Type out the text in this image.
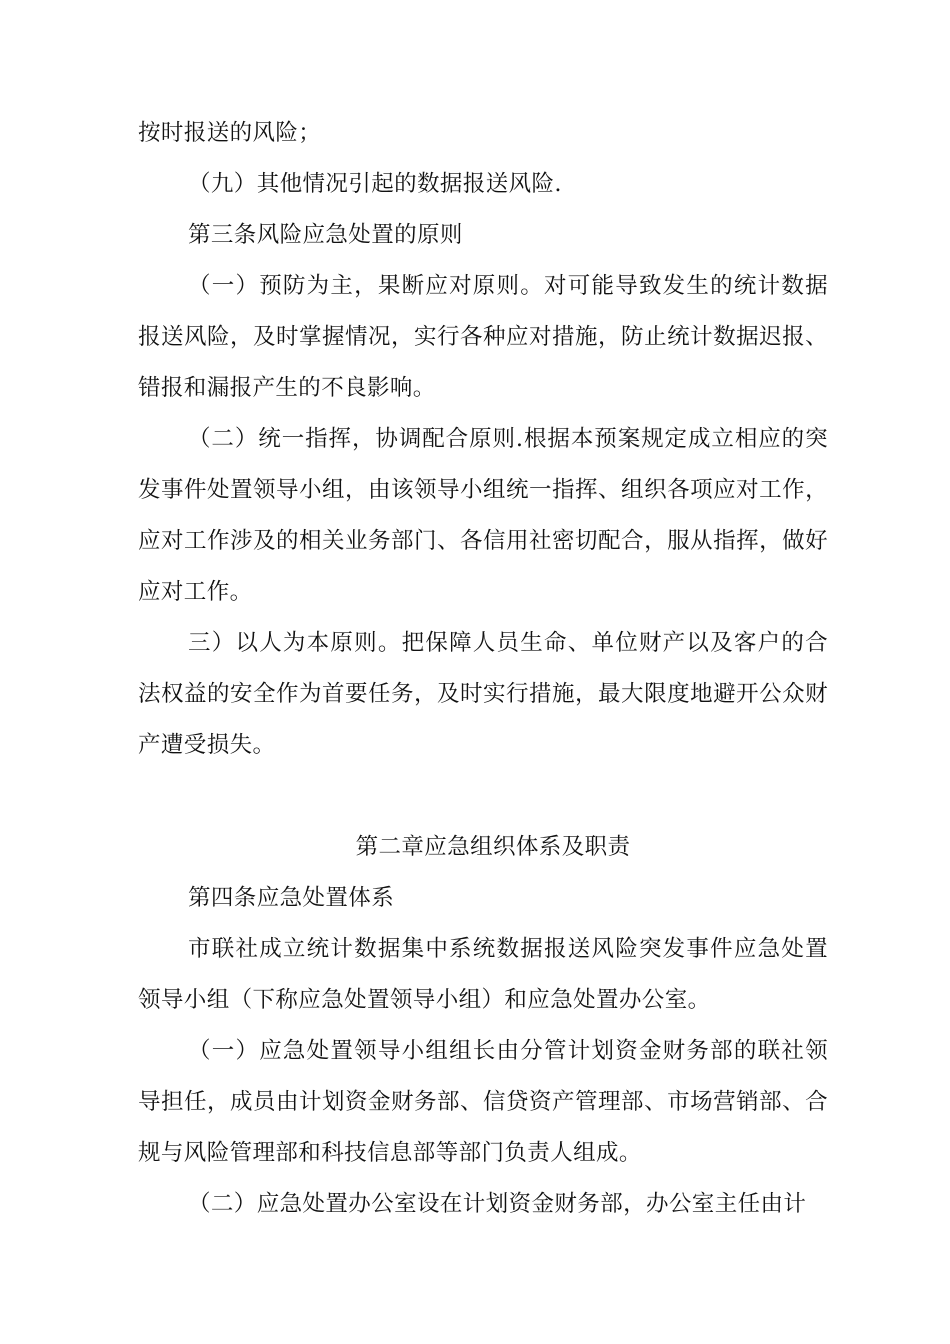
按时报送的风险；

（九）其他情况引起的数据报送风险.

第三条风险应急处置的原则

（一）预防为主，果断应对原则。对可能导致发生的统计数据报送风险，及时掌握情况，实行各种应对措施，防止统计数据迟报、错报和漏报产生的不良影响。

（二）统一指挥，协调配合原则.根据本预案规定成立相应的突发事件处置领导小组，由该领导小组统一指挥、组织各项应对工作，应对工作涉及的相关业务部门、各信用社密切配合，服从指挥，做好应对工作。

三）以人为本原则。把保障人员生命、单位财产以及客户的合法权益的安全作为首要任务，及时实行措施，最大限度地避开公众财产遭受损失。

第二章应急组织体系及职责

第四条应急处置体系

市联社成立统计数据集中系统数据报送风险突发事件应急处置领导小组（下称应急处置领导小组）和应急处置办公室。

（一）应急处置领导小组组长由分管计划资金财务部的联社领导担任，成员由计划资金财务部、信贷资产管理部、市场营销部、合规与风险管理部和科技信息部等部门负责人组成。

（二）应急处置办公室设在计划资金财务部，办公室主任由计
